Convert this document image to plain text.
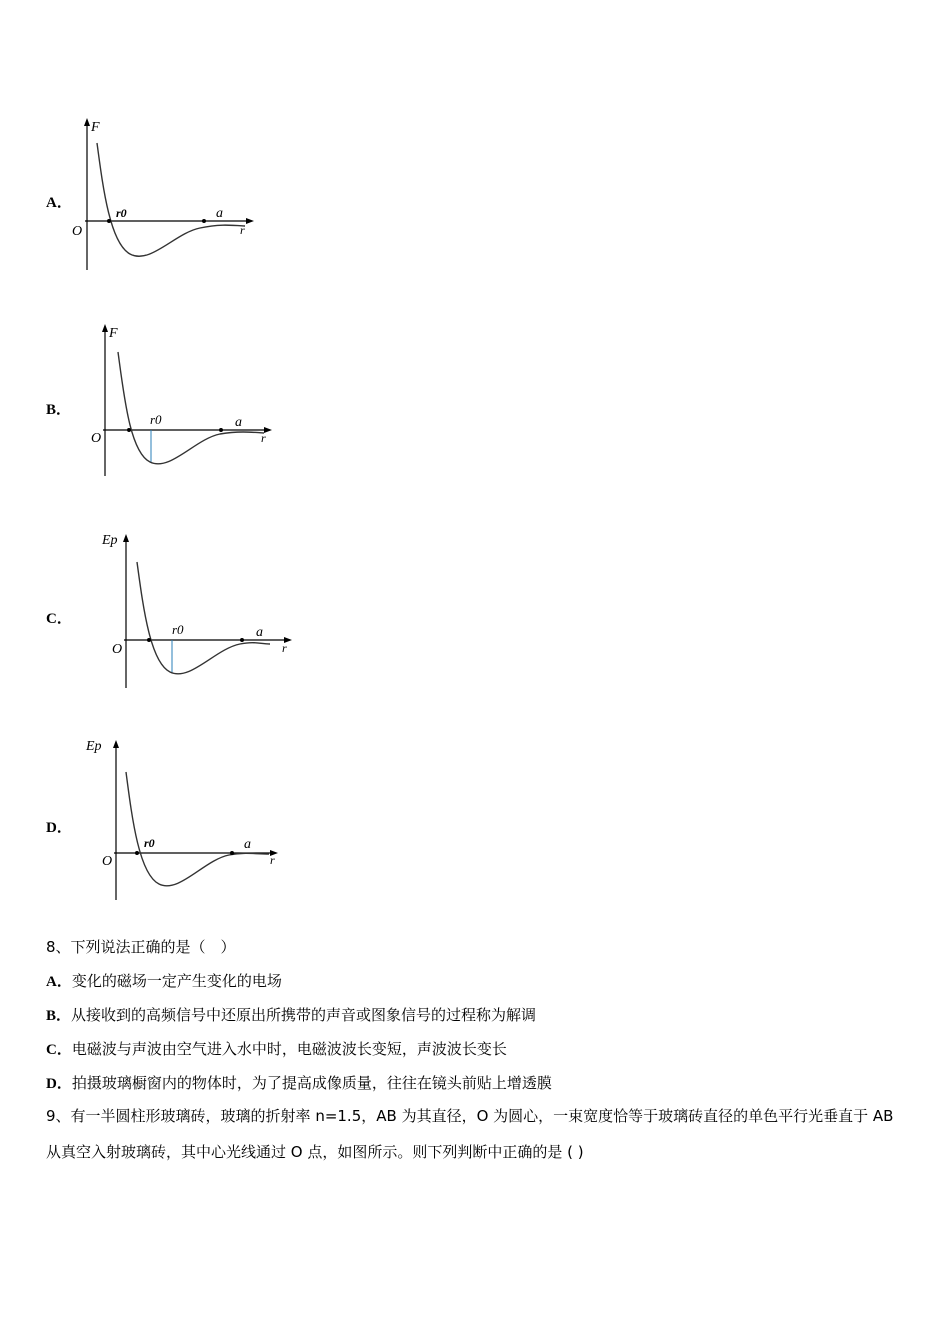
A．
F
r0	a
O	r
B．
F
r0	a
O	r
C．
Ep
r0	a
O	r
D．
Ep
r0	a
O	r
8、下列说法正确的是（　）
A．变化的磁场一定产生变化的电场
B．从接收到的高频信号中还原出所携带的声音或图象信号的过程称为解调
C．电磁波与声波由空气进入水中时，电磁波波长变短，声波波长变长
D．拍摄玻璃橱窗内的物体时，为了提高成像质量，往往在镜头前贴上增透膜
9、有一半圆柱形玻璃砖，玻璃的折射率 n=1.5，AB 为其直径，O 为圆心，一束宽度恰等于玻璃砖直径的单色平行光垂直于 AB 从真空入射玻璃砖，其中心光线通过 O 点，如图所示。则下列判断中正确的是 ( )
